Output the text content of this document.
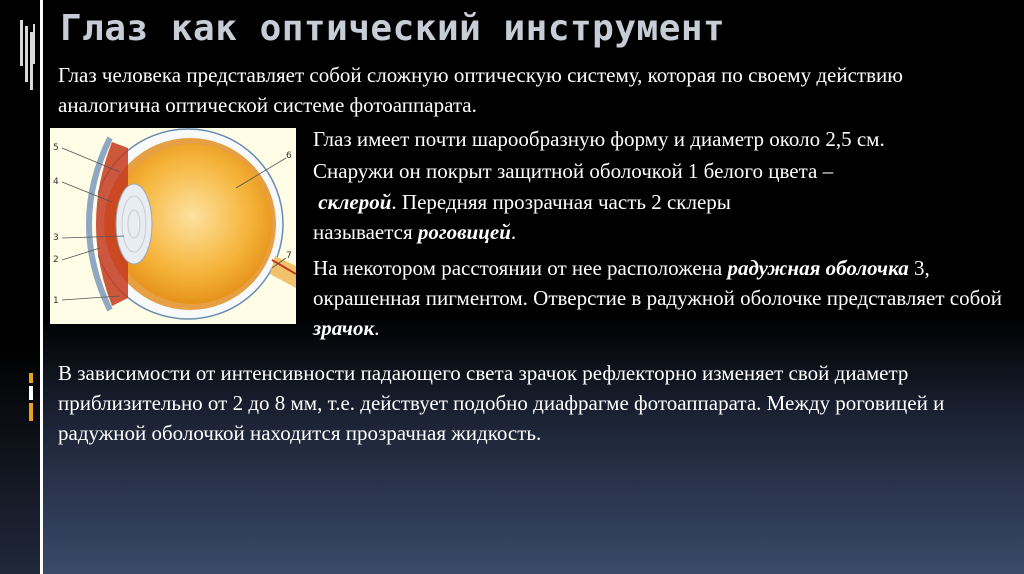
Глаз как оптический инструмент

Глаз человека представляет собой сложную оптическую систему, которая по своему действию аналогична оптической системе фотоаппарата.

5
4
3
2
1
6
7

Глаз имеет почти шарообразную форму и диаметр около 2,5 см.

Снаружи он покрыт защитной оболочкой 1 белого цвета –

склерой. Передняя прозрачная часть 2 склеры

называется роговицей.

На некотором расстоянии от нее расположена радужная оболочка 3, окрашенная пигментом. Отверстие в радужной оболочке представляет собой зрачок.

В зависимости от интенсивности падающего света зрачок рефлекторно изменяет свой диаметр приблизительно от 2 до 8 мм, т.е. действует подобно диафрагме фотоаппарата. Между роговицей и радужной оболочкой находится прозрачная жидкость.
